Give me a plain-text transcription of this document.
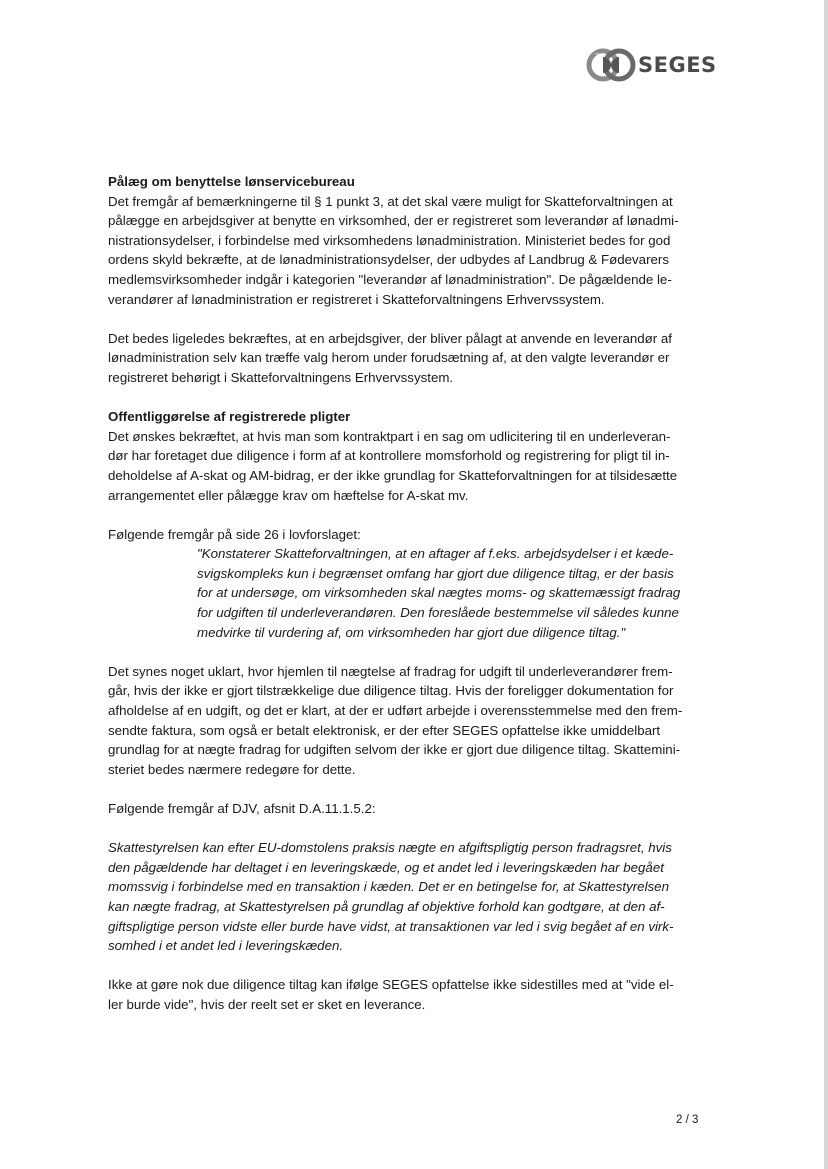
SEGES SEGES

Pålæg om benyttelse lønservicebureau

Det fremgår af bemærkningerne til § 1 punkt 3, at det skal være muligt for Skatteforvaltningen at

pålægge en arbejdsgiver at benytte en virksomhed, der er registreret som leverandør af lønadmi-

nistrationsydelser, i forbindelse med virksomhedens lønadministration. Ministeriet bedes for god

ordens skyld bekræfte, at de lønadministrationsydelser, der udbydes af Landbrug & Fødevarers

medlemsvirksomheder indgår i kategorien "leverandør af lønadministration". De pågældende le-

verandører af lønadministration er registreret i Skatteforvaltningens Erhvervssystem.

Det bedes ligeledes bekræftes, at en arbejdsgiver, der bliver pålagt at anvende en leverandør af

lønadministration selv kan træffe valg herom under forudsætning af, at den valgte leverandør er

registreret behørigt i Skatteforvaltningens Erhvervssystem.

Offentliggørelse af registrerede pligter

Det ønskes bekræftet, at hvis man som kontraktpart i en sag om udlicitering til en underleveran-

dør har foretaget due diligence i form af at kontrollere momsforhold og registrering for pligt til in-

deholdelse af A-skat og AM-bidrag, er der ikke grundlag for Skatteforvaltningen for at tilsidesætte

arrangementet eller pålægge krav om hæftelse for A-skat mv.

Følgende fremgår på side 26 i lovforslaget:

"Konstaterer Skatteforvaltningen, at en aftager af f.eks. arbejdsydelser i et kæde-

svigskompleks kun i begrænset omfang har gjort due diligence tiltag, er der basis

for at undersøge, om virksomheden skal nægtes moms- og skattemæssigt fradrag

for udgiften til underleverandøren. Den foreslåede bestemmelse vil således kunne

medvirke til vurdering af, om virksomheden har gjort due diligence tiltag."

Det synes noget uklart, hvor hjemlen til nægtelse af fradrag for udgift til underleverandører frem-

går, hvis der ikke er gjort tilstrækkelige due diligence tiltag. Hvis der foreligger dokumentation for

afholdelse af en udgift, og det er klart, at der er udført arbejde i overensstemmelse med den frem-

sendte faktura, som også er betalt elektronisk, er der efter SEGES opfattelse ikke umiddelbart

grundlag for at nægte fradrag for udgiften selvom der ikke er gjort due diligence tiltag. Skattemini-

steriet bedes nærmere redegøre for dette.

Følgende fremgår af DJV, afsnit D.A.11.1.5.2:

Skattestyrelsen kan efter EU-domstolens praksis nægte en afgiftspligtig person fradragsret, hvis

den pågældende har deltaget i en leveringskæde, og et andet led i leveringskæden har begået

momssvig i forbindelse med en transaktion i kæden. Det er en betingelse for, at Skattestyrelsen

kan nægte fradrag, at Skattestyrelsen på grundlag af objektive forhold kan godtgøre, at den af-

giftspligtige person vidste eller burde have vidst, at transaktionen var led i svig begået af en virk-

somhed i et andet led i leveringskæden.

Ikke at gøre nok due diligence tiltag kan ifølge SEGES opfattelse ikke sidestilles med at "vide el-

ler burde vide", hvis der reelt set er sket en leverance.

2 / 3
